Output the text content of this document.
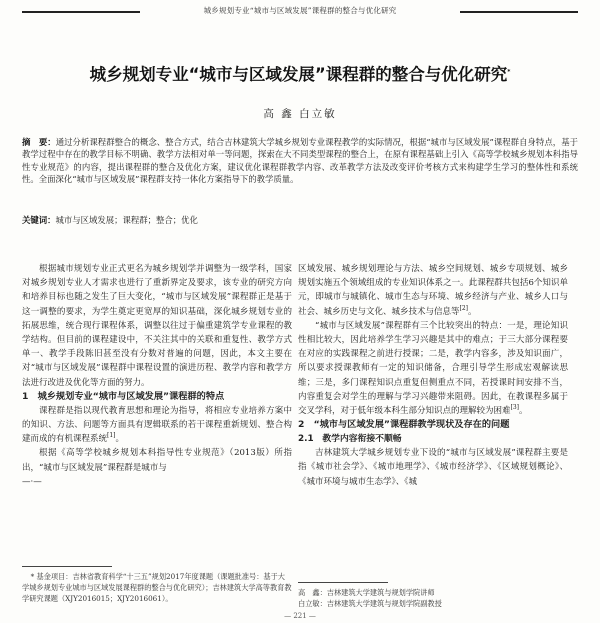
城乡规划专业“城市与区域发展”课程群的整合与优化研究
城乡规划专业“城市与区域发展”课程群的整合与优化研究*
高 鑫 白立敏
摘　要：通过分析课程群整合的概念、整合方式，结合吉林建筑大学城乡规划专业课程教学的实际情况，根据“城市与区域发展”课程群自身特点，基于教学过程中存在的教学目标不明确、教学方法相对单一等问题，探索在大不同类型课程的整合上，在原有课程基础上引入《高等学校城乡规划本科指导性专业规范》的内容，提出课程群的整合及优化方案，建议优化课程群教学内容、改革教学方法及改变评价考核方式来构建学生学习的整体性和系统性。全面深化“城市与区域发展”课程群支持一体化方案指导下的教学质量。
关键词：城市与区域发展；课程群；整合；优化

根据城市规划专业正式更名为城乡规划学并调整为一级学科，国家对城乡规划专业人才需求也进行了重新界定及要求，该专业的研究方向和培养目标也随之发生了巨大变化，“城市与区域发展”课程群正是基于这一调整的要求，为学生奠定更宽厚的知识基础，深化城乡规划专业的拓展思维，统合现行课程体系，调整以往过于偏重建筑学专业课程的教学结构。但目前的课程建设中，不关注其中的关联和重复性、教学方式单一、教学手段陈旧甚至没有分数对普遍的问题，因此，本文主要在对“城市与区域发展”课程群中课程设置的演进历程、教学内容和教学方法进行改进及优化等方面的努力。

1　城乡规划专业“城市与区域发展”课程群的特点

课程群是指以现代教育思想和理论为指导，将相应专业培养方案中的知识、方法、问题等方面具有逻辑联系的若干课程重新规划、整合构建而成的有机课程系统[1]。

根据《高等学校城乡规划本科指导性专业规范》（2013版）所指出，“城市与区域发展”课程群是城市与

—·—

区域发展、城乡规划理论与方法、城乡空间规划、城乡专项规划、城乡规划实施五个领域组成的专业知识体系之一。此课程群共包括6个知识单元，即城市与城镇化、城市生态与环境、城乡经济与产业、城乡人口与社会、城乡历史与文化、城乡技术与信息等[2]。

“城市与区域发展”课程群有三个比较突出的特点：一是，理论知识性相比较大，因此培养学生学习兴趣是其中的难点；于三大部分课程要在对应的实践课程之前进行授课；二是，教学内容多，涉及知识面广，所以要求授课教师有一定的知识储备，合理引导学生形成宏观解读思维；三是，多门课程知识点重复但侧重点不同，若授课时间安排不当，内容重复会对学生的理解与学习兴趣带来阻碍。因此，在教课程多属于交叉学科，对于低年级本科生部分知识点的理解较为困难[3]。

2　“城市与区域发展”课程群教学现状及存在的问题

2.1　教学内容衔接不顺畅

吉林建筑大学城乡规划专业下设的“城市与区域发展”课程群主要是指《城市社会学》、《城市地理学》、《城市经济学》、《区域规划概论》、《城市环境与城市生态学》、《城

* 基金项目：吉林省教育科学“十三五”规划2017年度课题（课题批准号：基于大学城乡规划专业城市与区域发展课程群的整合与优化研究）；吉林建筑大学高等教育教学研究课题（XJY2016015；XJY2016061）。

高　鑫：吉林建筑大学建筑与规划学院讲师

白立敏：吉林建筑大学建筑与规划学院副教授

— 221 —
